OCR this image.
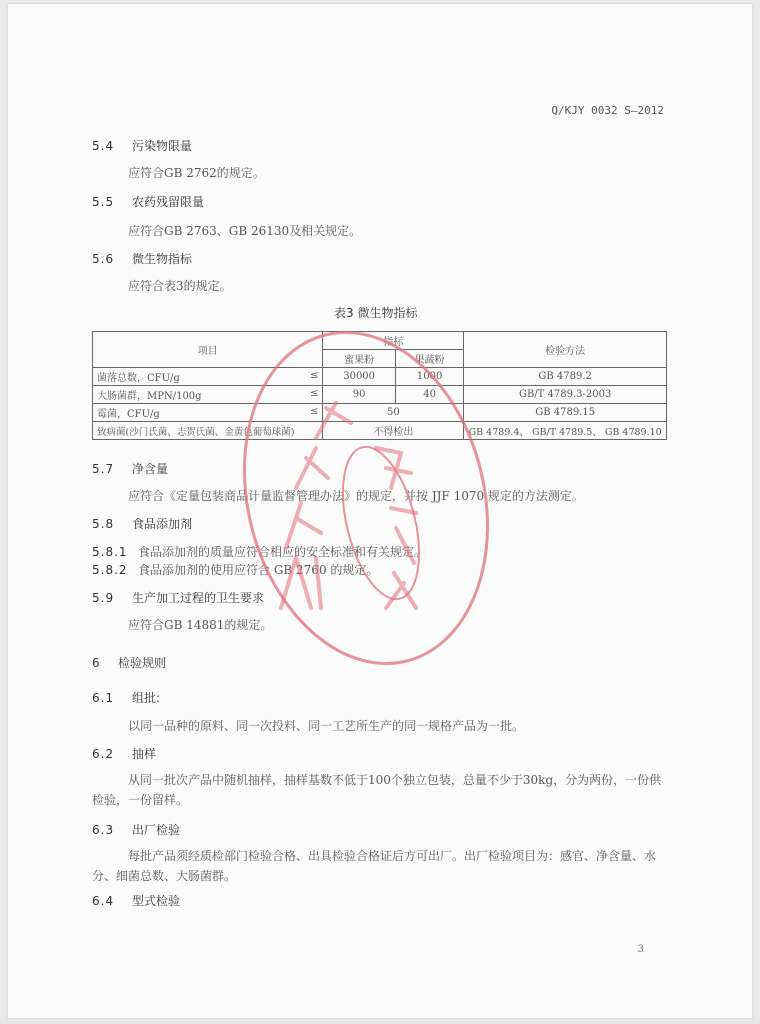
Q/KJY 0032 S—2012
5.4 污染物限量
应符合GB 2762的规定。
5.5 农药残留限量
应符合GB 2763、GB 26130及相关规定。
5.6 微生物指标
应符合表3的规定。
表3 微生物指标
项目	指标		检验方法
	蜜果粉	果蔬粉	
菌落总数，CFU/g ≤	30000	1000	GB 4789.2
大肠菌群，MPN/100g ≤	90	40	GB/T 4789.3-2003
霉菌，CFU/g ≤	50		GB 4789.15
致病菌(沙门氏菌、志贺氏菌、金黄色葡萄球菌)	不得检出		GB 4789.4、 GB/T 4789.5、 GB 4789.10
5.7 净含量
应符合《定量包装商品计量监督管理办法》的规定，并按 JJF 1070 规定的方法测定。
5.8 食品添加剂
5.8.1 食品添加剂的质量应符合相应的安全标准和有关规定。
5.8.2 食品添加剂的使用应符合 GB 2760 的规定。
5.9 生产加工过程的卫生要求
应符合GB 14881的规定。
6 检验规则
6.1 组批:
以同一品种的原料、同一次投料、同一工艺所生产的同一规格产品为一批。
6.2 抽样
从同一批次产品中随机抽样，抽样基数不低于100个独立包装，总量不少于30kg，分为两份，一份供检验，一份留样。
6.3 出厂检验
每批产品须经质检部门检验合格、出具检验合格证后方可出厂。出厂检验项目为：感官、净含量、水分、细菌总数、大肠菌群。
6.4 型式检验
3
